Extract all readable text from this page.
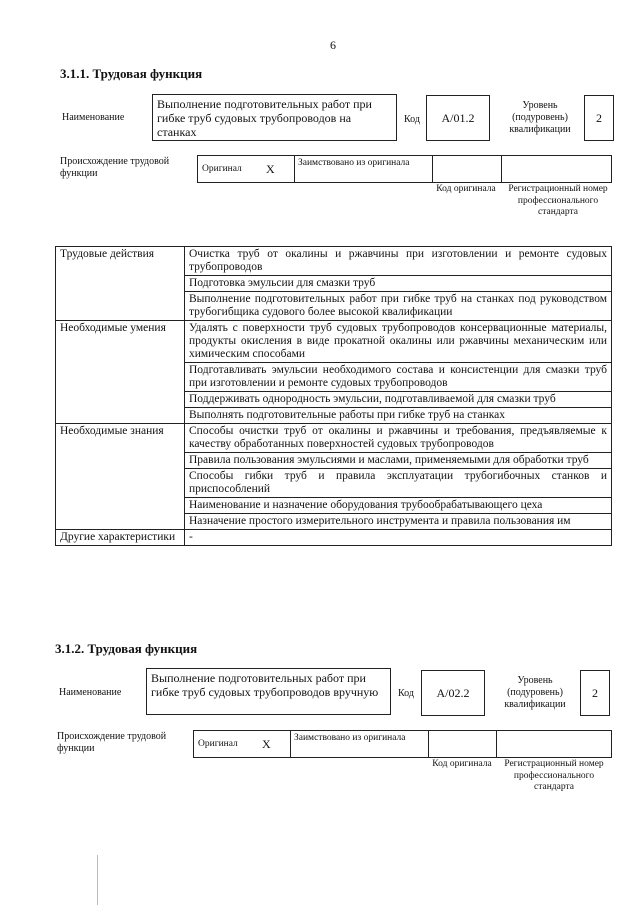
6
3.1.1. Трудовая функция
Наименование
Выполнение подготовительных работ при гибке труб судовых трубопроводов на станках
Код A/01.2
Уровень (подуровень) квалификации
2
Происхождение трудовой функции	Оригинал X Заимствовано из оригинала
Код оригинала	Регистрационный номер профессионального стандарта
Трудовые действия	Очистка труб от окалины и ржавчины при изготовлении и ремонте судовых трубопроводов
	Подготовка эмульсии для смазки труб
	Выполнение подготовительных работ при гибке труб на станках под руководством трубогибщика судового более высокой квалификации
Необходимые умения	Удалять с поверхности труб судовых трубопроводов консервационные материалы, продукты окисления в виде прокатной окалины или ржавчины механическим или химическим способами
	Подготавливать эмульсии необходимого состава и консистенции для смазки труб при изготовлении и ремонте судовых трубопроводов
	Поддерживать однородность эмульсии, подготавливаемой для смазки труб
	Выполнять подготовительные работы при гибке труб на станках
Необходимые знания	Способы очистки труб от окалины и ржавчины и требования, предъявляемые к качеству обработанных поверхностей судовых трубопроводов
	Правила пользования эмульсиями и маслами, применяемыми для обработки труб
	Способы гибки труб и правила эксплуатации трубогибочных станков и приспособлений
	Наименование и назначение оборудования трубообрабатывающего цеха
	Назначение простого измерительного инструмента и правила пользования им
Другие характеристики	-
3.1.2. Трудовая функция
Наименование
Выполнение подготовительных работ при гибке труб судовых трубопроводов вручную	Код A/02.2
Уровень (подуровень) квалификации
2
Происхождение трудовой функции	Оригинал X Заимствовано из оригинала
Код оригинала	Регистрационный номер профессионального стандарта
